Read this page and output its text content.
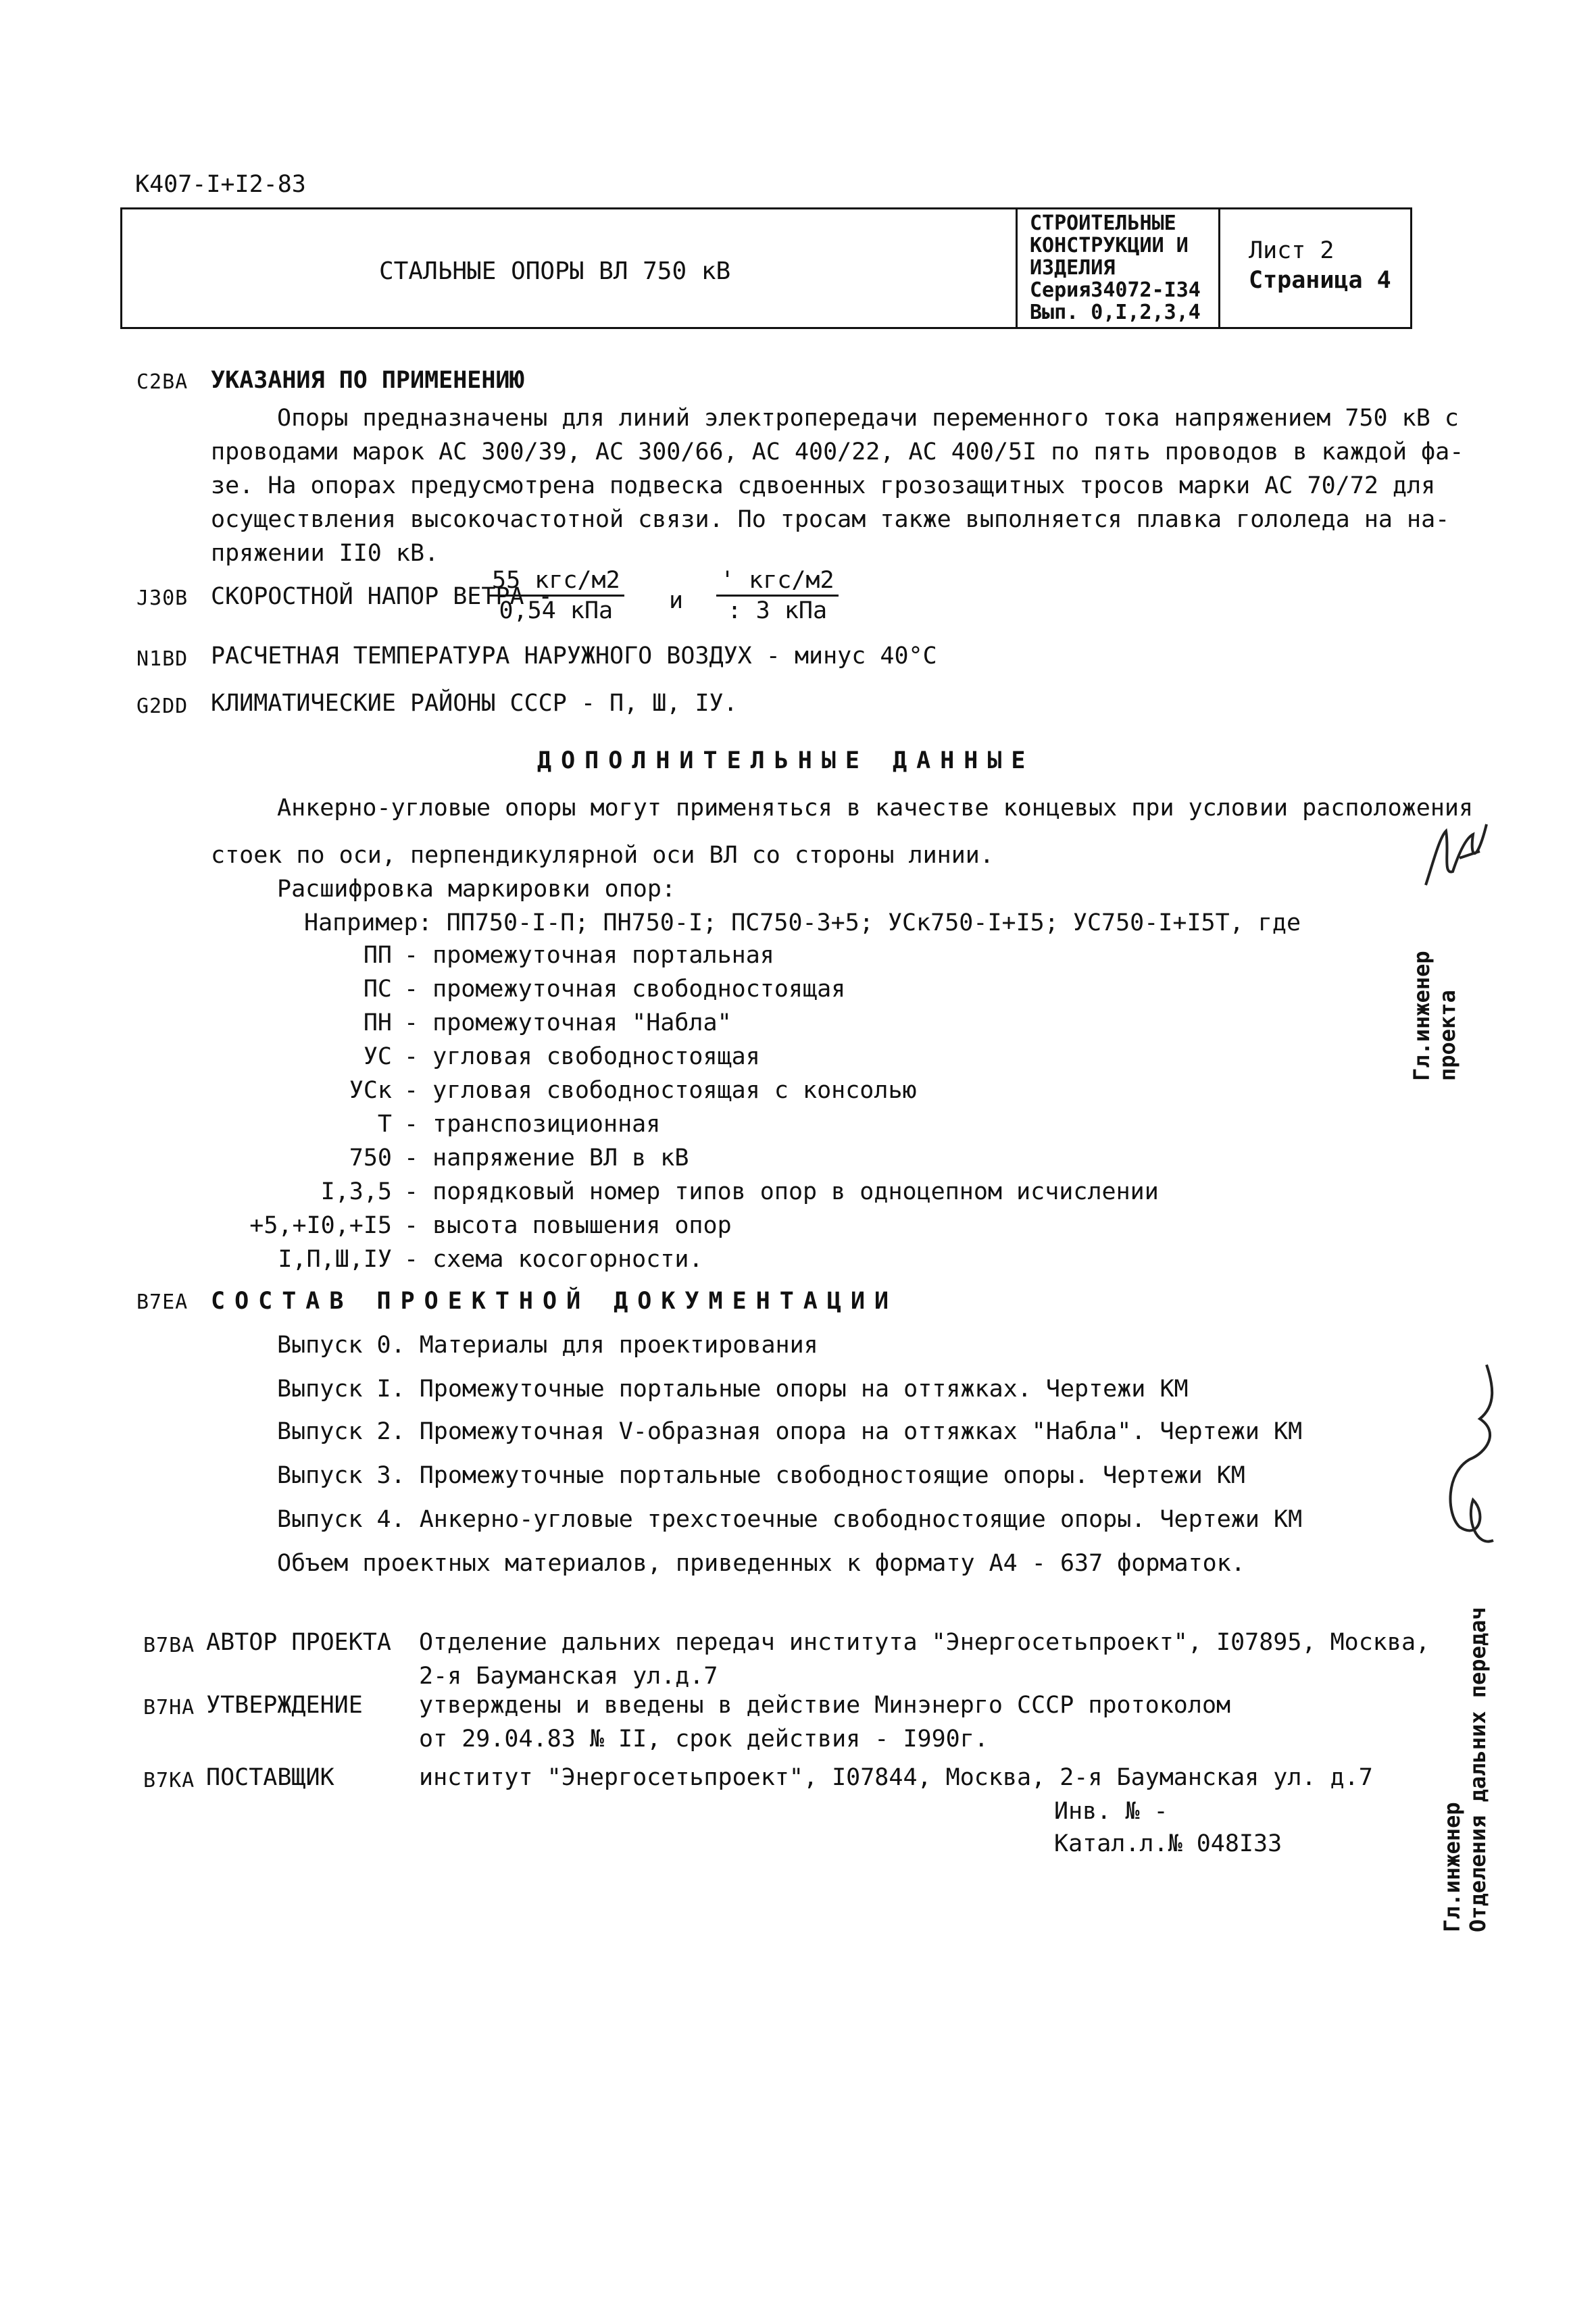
К407-I+I2-83
СТАЛЬНЫЕ ОПОРЫ ВЛ 750 кВ
СТРОИТЕЛЬНЫЕ
КОНСТРУКЦИИ И
ИЗДЕЛИЯ
Серия34072-I34
Вып. 0,I,2,3,4
Лист 2
Страница 4
C2BA УКАЗАНИЯ ПО ПРИМЕНЕНИЮ
Опоры предназначены для линий электропередачи переменного тока напряжением 750 кВ с
проводами марок АС 300/39, АС 300/66, АС 400/22, АС 400/5I по пять проводов в каждой фа-
зе. На опорах предусмотрена подвеска сдвоенных грозозащитных тросов марки АС 70/72 для
осуществления высокочастотной связи. По тросам также выполняется плавка гололеда на на-
пряжении II0 кВ.
J30B СКОРОСТНОЙ НАПОР ВЕТРА -
55 кгс/м2
0,54 кПа	и
' кгс/м2
: 3 кПа
N1BD РАСЧЕТНАЯ ТЕМПЕРАТУРА НАРУЖНОГО ВОЗДУХ - минус 40°С
G2DD КЛИМАТИЧЕСКИЕ РАЙОНЫ СССР - П, Ш, IУ.
ДОПОЛНИТЕЛЬНЫЕ ДАННЫЕ
Анкерно-угловые опоры могут применяться в качестве концевых при условии расположения
стоек по оси, перпендикулярной оси ВЛ со стороны линии.
Расшифровка маркировки опор:
Например: ПП750-I-П; ПН750-I; ПС750-3+5; УСк750-I+I5; УС750-I+I5Т, где
ПП - промежуточная портальная
ПС - промежуточная свободностоящая
ПН - промежуточная "Набла"
УС - угловая свободностоящая
УСк - угловая свободностоящая с консолью
Т - транспозиционная
750 - напряжение ВЛ в кВ
I,3,5 - порядковый номер типов опор в одноцепном исчислении
+5,+I0,+I5 - высота повышения опор
I,П,Ш,IУ - схема косогорности.
B7EA СОСТАВ ПРОЕКТНОЙ ДОКУМЕНТАЦИИ
Выпуск 0. Материалы для проектирования
Выпуск I. Промежуточные портальные опоры на оттяжках. Чертежи КМ
Выпуск 2. Промежуточная V-образная опора на оттяжках "Набла". Чертежи КМ
Выпуск 3. Промежуточные портальные свободностоящие опоры. Чертежи КМ
Выпуск 4. Анкерно-угловые трехстоечные свободностоящие опоры. Чертежи КМ
Объем проектных материалов, приведенных к формату А4 - 637 форматок.
B7BA АВТОР ПРОЕКТА Отделение дальних передач института "Энергосетьпроект", I07895, Москва,
2-я Бауманская ул.д.7
B7HA УТВЕРЖДЕНИЕ утверждены и введены в действие Минэнерго СССР протоколом
от 29.04.83 № II, срок действия - I990г.
B7KA ПОСТАВЩИК	институт "Энергосетьпроект", I07844, Москва, 2-я Бауманская ул. д.7
Инв. № -
Катал.л.№ 048I33
Гл.инженер проекта
Гл.инженер Отделения дальних передач
